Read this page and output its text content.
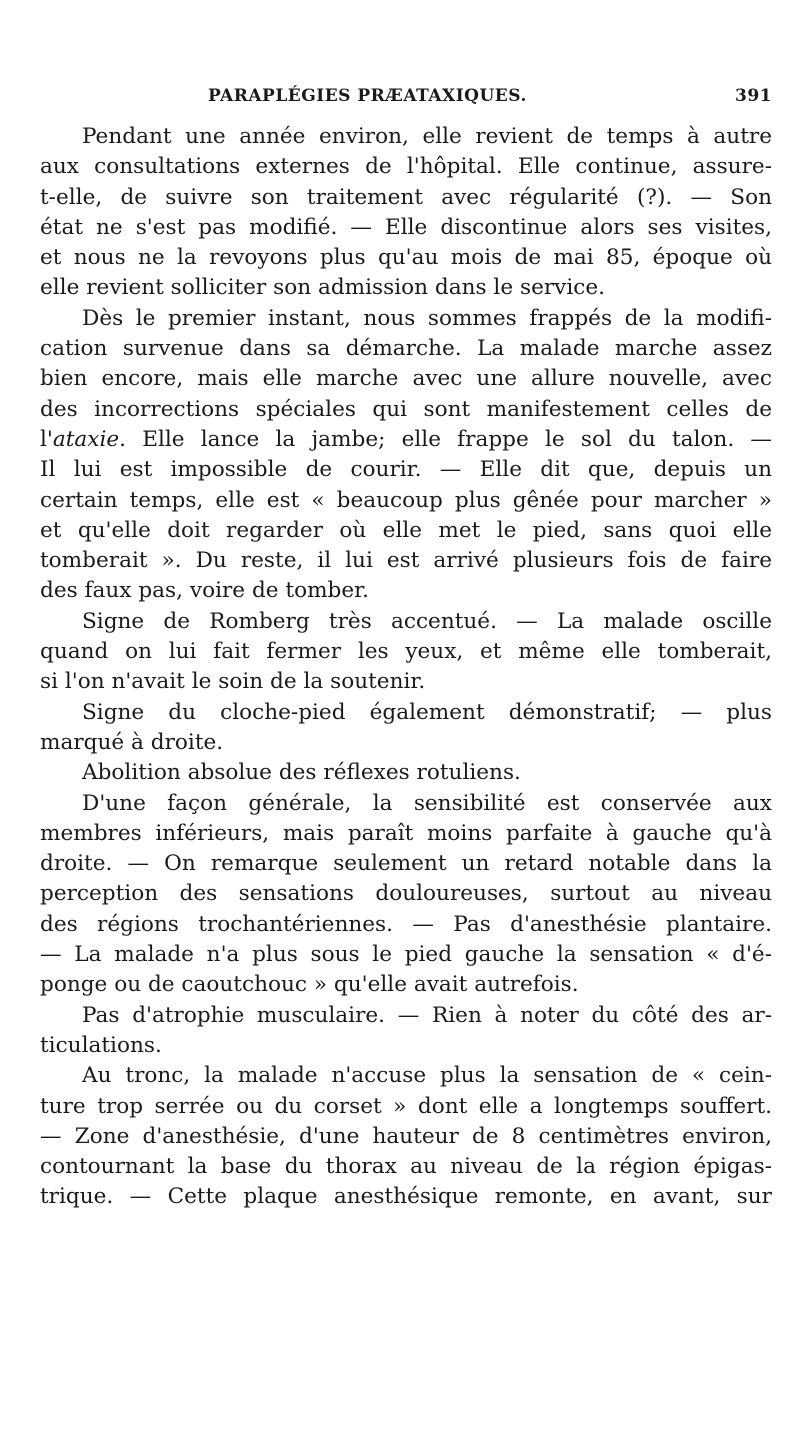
PARAPLÉGIES PRÆATAXIQUES.	391
Pendant une année environ, elle revient de temps à autre
aux consultations externes de l'hôpital. Elle continue, assure-
t-elle, de suivre son traitement avec régularité (?). — Son
état ne s'est pas modifié. — Elle discontinue alors ses visites,
et nous ne la revoyons plus qu'au mois de mai 85, époque où
elle revient solliciter son admission dans le service.
Dès le premier instant, nous sommes frappés de la modifi-
cation survenue dans sa démarche. La malade marche assez
bien encore, mais elle marche avec une allure nouvelle, avec
des incorrections spéciales qui sont manifestement celles de
l'ataxie. Elle lance la jambe; elle frappe le sol du talon. —
Il lui est impossible de courir. — Elle dit que, depuis un
certain temps, elle est « beaucoup plus gênée pour marcher »
et qu'elle doit regarder où elle met le pied, sans quoi elle
tomberait ». Du reste, il lui est arrivé plusieurs fois de faire
des faux pas, voire de tomber.
Signe de Romberg très accentué. — La malade oscille
quand on lui fait fermer les yeux, et même elle tomberait,
si l'on n'avait le soin de la soutenir.
Signe du cloche-pied également démonstratif; — plus
marqué à droite.
Abolition absolue des réflexes rotuliens.
D'une façon générale, la sensibilité est conservée aux
membres inférieurs, mais paraît moins parfaite à gauche qu'à
droite. — On remarque seulement un retard notable dans la
perception des sensations douloureuses, surtout au niveau
des régions trochantériennes. — Pas d'anesthésie plantaire.
— La malade n'a plus sous le pied gauche la sensation « d'é-
ponge ou de caoutchouc » qu'elle avait autrefois.
Pas d'atrophie musculaire. — Rien à noter du côté des ar-
ticulations.
Au tronc, la malade n'accuse plus la sensation de « cein-
ture trop serrée ou du corset » dont elle a longtemps souffert.
— Zone d'anesthésie, d'une hauteur de 8 centimètres environ,
contournant la base du thorax au niveau de la région épigas-
trique. — Cette plaque anesthésique remonte, en avant, sur
